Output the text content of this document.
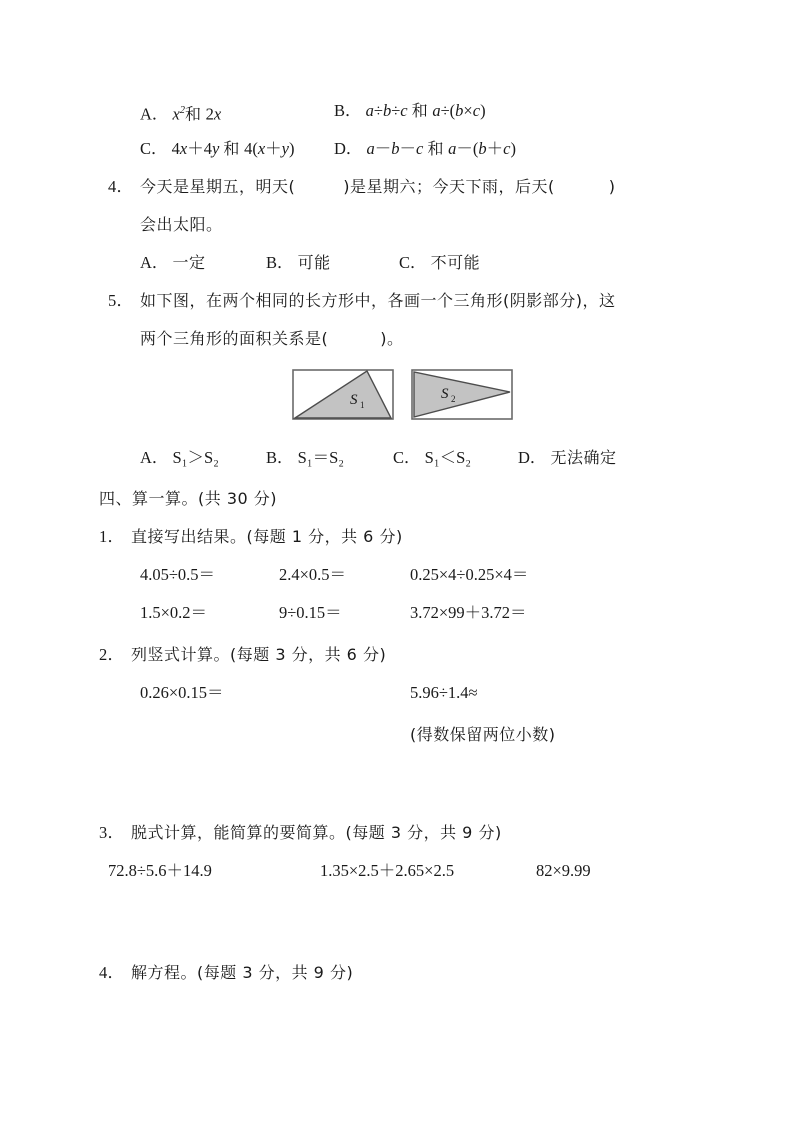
A． $x^2$和 2x	B． a÷b÷c 和 a÷(b×c)
C． 4x＋4y 和 4(x＋y) D． a－b－c 和 a－(b＋c)
4． 今天是星期五，明天(	)是星期六；今天下雨，后天(	)
会出太阳。
A． 一定	B． 可能	C． 不可能
5． 如下图，在两个相同的长方形中，各画一个三角形(阴影部分)，这
两个三角形的面积关系是(	)。
S 1
S 2
A． S₁＞S₂	B． S₁＝S₂	C． S₁＜S₂	D． 无法确定
四、算一算。(共 30 分)
1． 直接写出结果。(每题 1 分，共 6 分)
4.05÷0.5＝	2.4×0.5＝	0.25×4÷0.25×4＝
1.5×0.2＝	9÷0.15＝	3.72×99＋3.72＝
2． 列竖式计算。(每题 3 分，共 6 分)
0.26×0.15＝	5.96÷1.4≈
(得数保留两位小数)
3． 脱式计算，能简算的要简算。(每题 3 分，共 9 分)
72.8÷5.6＋14.9	1.35×2.5＋2.65×2.5	82×9.99
4． 解方程。(每题 3 分，共 9 分)
